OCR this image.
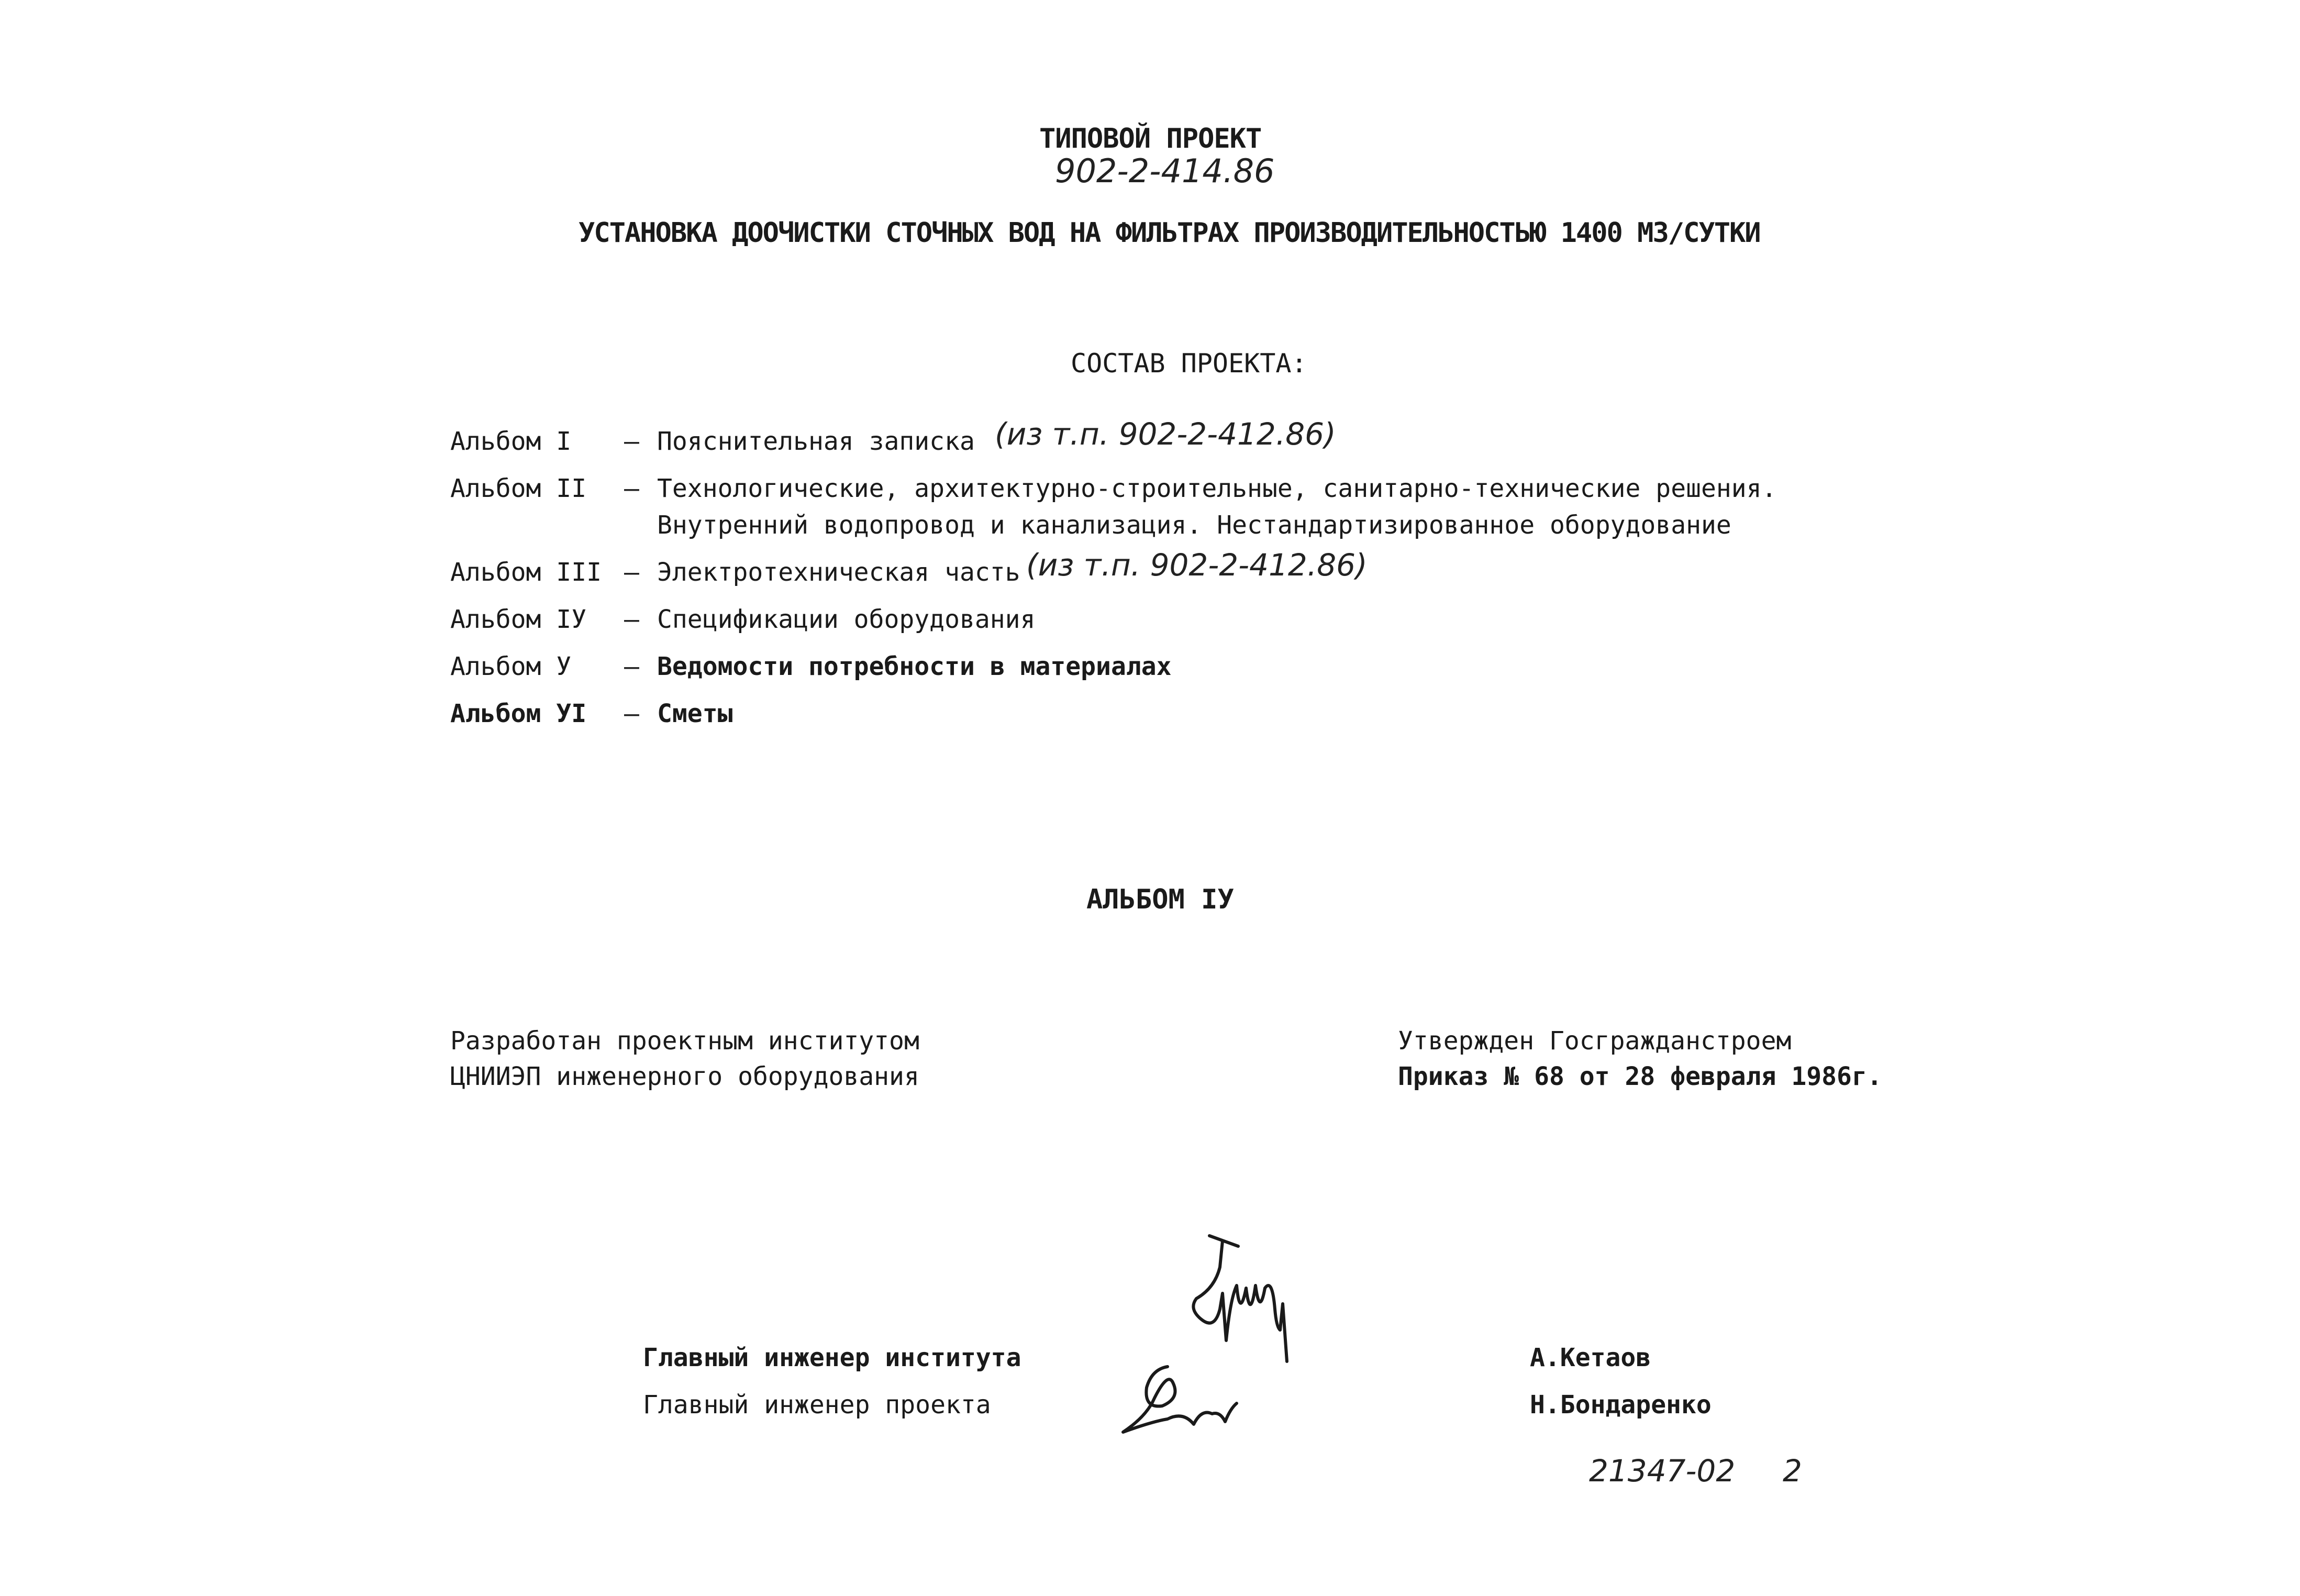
ТИПОВОЙ ПРОЕКТ
902-2-414.86
УСТАНОВКА ДООЧИСТКИ СТОЧНЫХ ВОД НА ФИЛЬТРАХ ПРОИЗВОДИТЕЛЬНОСТЬЮ 1400 М3/СУТКИ
СОСТАВ ПРОЕКТА:
Альбом I – Пояснительная записка (из т.п. 902-2-412.86)
Альбом II – Технологические, архитектурно-строительные, санитарно-технические решения.
Внутренний водопровод и канализация. Нестандартизированное оборудование
Альбом III – Электротехническая часть (из т.п. 902-2-412.86)
Альбом IУ – Спецификации оборудования
Альбом У – Ведомости потребности в материалах
Альбом УI – Сметы
АЛЬБОМ IУ
Разработан проектным институтом
ЦНИИЭП инженерного оборудования
Утвержден Госгражданстроем
Приказ № 68 от 28 февраля 1986г.
Главный инженер института
Главный инженер проекта
А.Кетаов
Н.Бондаренко
21347-02 2
